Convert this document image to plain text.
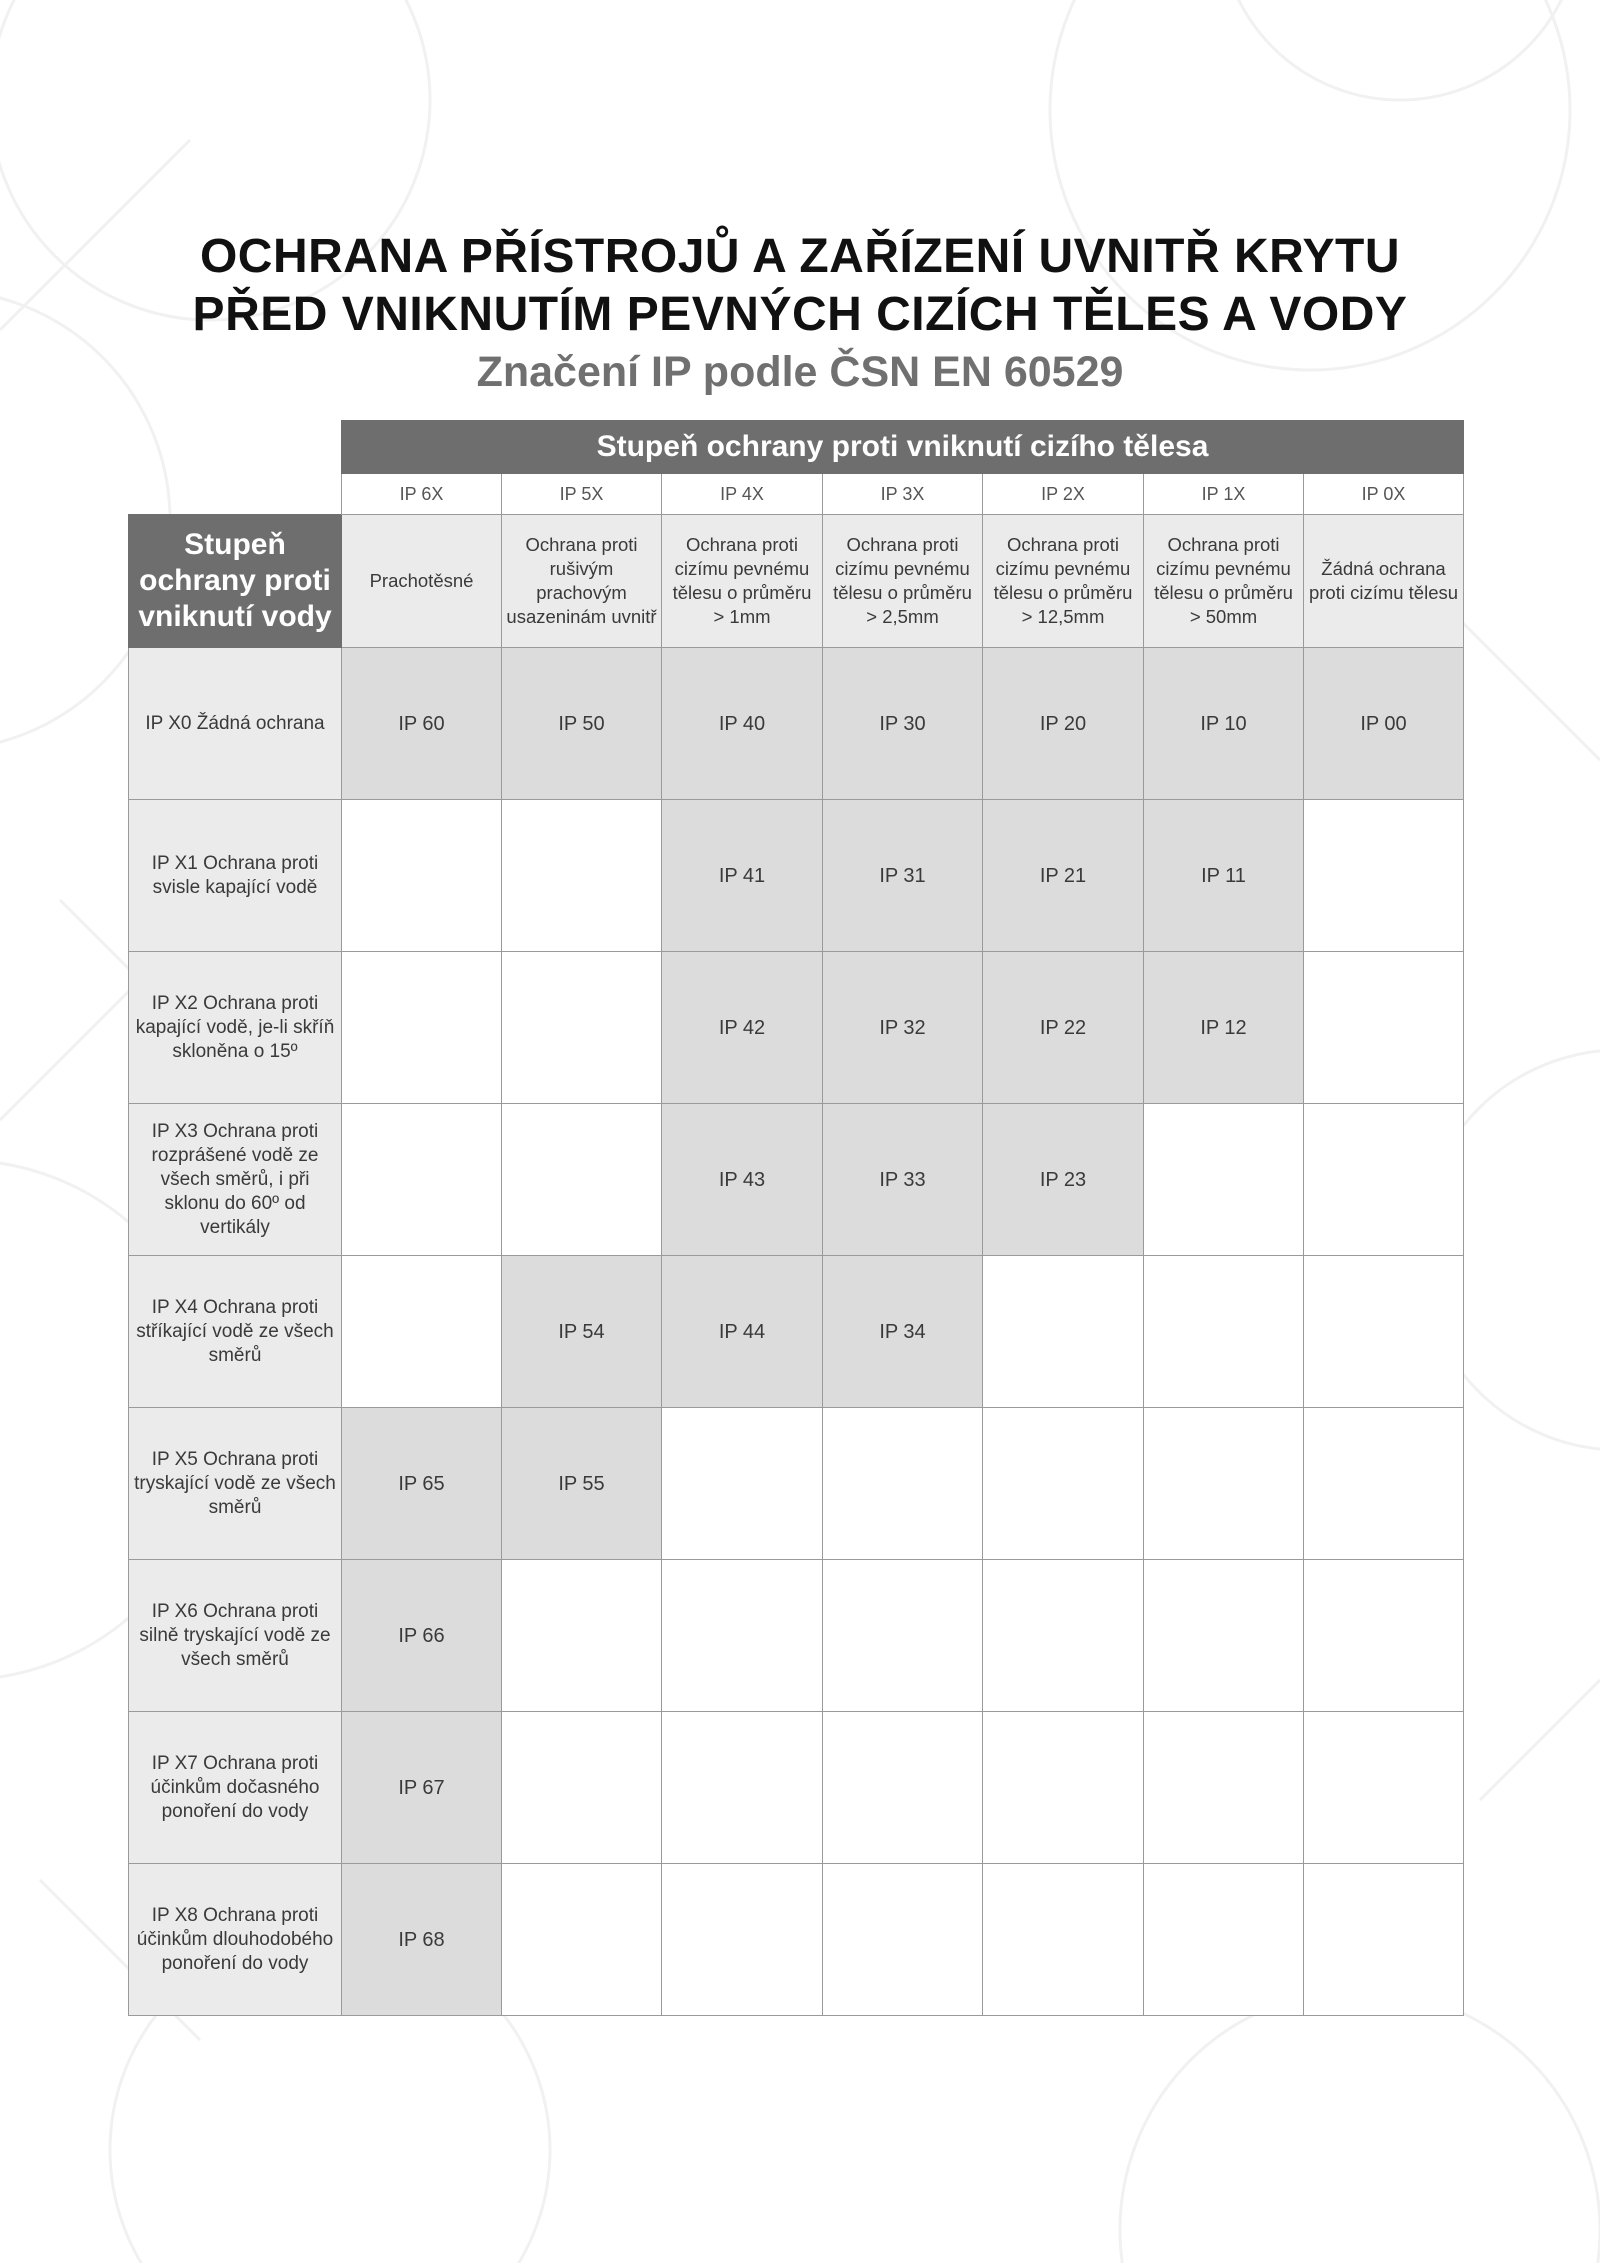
OCHRANA PŘÍSTROJŮ A ZAŘÍZENÍ UVNITŘ KRYTU
PŘED VNIKNUTÍM PEVNÝCH CIZÍCH TĚLES A VODY
Značení IP podle ČSN EN 60529
	Stupeň ochrany proti vniknutí cizího tělesa						
	IP 6X	IP 5X	IP 4X	IP 3X	IP 2X	IP 1X	IP 0X
Stupeň ochrany proti vniknutí vody	Prachotěsné	Ochrana proti rušivým prachovým usazeninám uvnitř	Ochrana proti cizímu pevnému tělesu o průměru > 1mm	Ochrana proti cizímu pevnému tělesu o průměru > 2,5mm	Ochrana proti cizímu pevnému tělesu o průměru > 12,5mm	Ochrana proti cizímu pevnému tělesu o průměru > 50mm	Žádná ochrana proti cizímu tělesu
IP X0 Žádná ochrana	IP 60	IP 50	IP 40	IP 30	IP 20	IP 10	IP 00
IP X1 Ochrana proti svisle kapající vodě			IP 41	IP 31	IP 21	IP 11	
IP X2 Ochrana proti kapající vodě, je-li skříň skloněna o 15º			IP 42	IP 32	IP 22	IP 12	
IP X3 Ochrana proti rozprášené vodě ze všech směrů, i při sklonu do 60º od vertikály			IP 43	IP 33	IP 23		
IP X4 Ochrana proti stříkající vodě ze všech směrů		IP 54	IP 44	IP 34			
IP X5 Ochrana proti tryskající vodě ze všech směrů	IP 65	IP 55					
IP X6 Ochrana proti silně tryskající vodě ze všech směrů	IP 66						
IP X7 Ochrana proti účinkům dočasného ponoření do vody	IP 67						
IP X8 Ochrana proti účinkům dlouhodobého ponoření do vody	IP 68						
